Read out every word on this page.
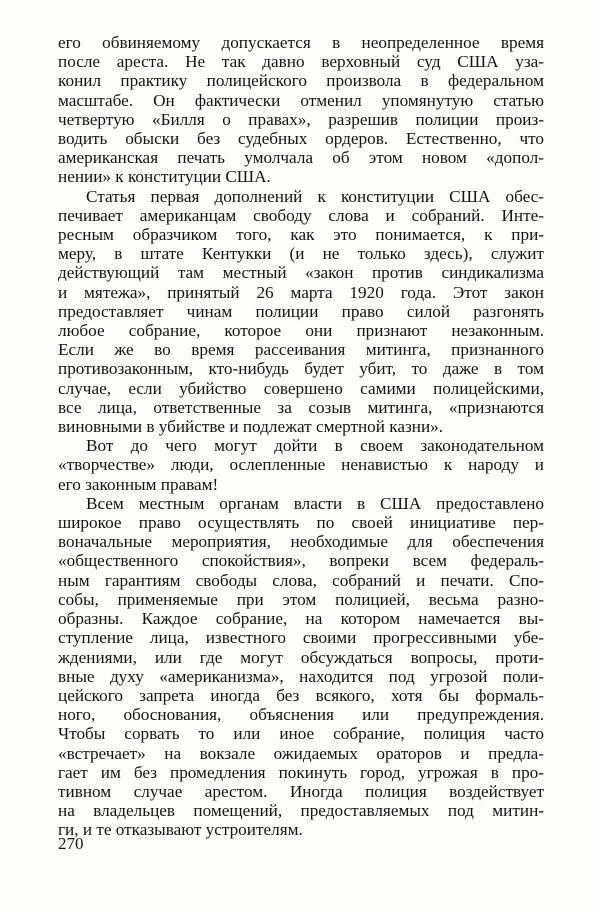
его обвиняемому допускается в неопределенное время
после ареста. Не так давно верховный суд США уза-
конил практику полицейского произвола в федеральном
масштабе. Он фактически отменил упомянутую статью
четвертую «Билля о правах», разрешив полиции произ-
водить обыски без судебных ордеров. Естественно, что
американская печать умолчала об этом новом «допол-
нении» к конституции США.
Статья первая дополнений к конституции США обес-
печивает американцам свободу слова и собраний. Инте-
ресным образчиком того, как это понимается, к при-
меру, в штате Кентукки (и не только здесь), служит
действующий там местный «закон против синдикализма
и мятежа», принятый 26 марта 1920 года. Этот закон
предоставляет чинам полиции право силой разгонять
любое собрание, которое они признают незаконным.
Если же во время рассеивания митинга, признанного
противозаконным, кто-нибудь будет убит, то даже в том
случае, если убийство совершено самими полицейскими,
все лица, ответственные за созыв митинга, «признаются
виновными в убийстве и подлежат смертной казни».
Вот до чего могут дойти в своем законодательном
«творчестве» люди, ослепленные ненавистью к народу и
его законным правам!
Всем местным органам власти в США предоставлено
широкое право осуществлять по своей инициативе пер-
воначальные мероприятия, необходимые для обеспечения
«общественного спокойствия», вопреки всем федераль-
ным гарантиям свободы слова, собраний и печати. Спо-
собы, применяемые при этом полицией, весьма разно-
образны. Каждое собрание, на котором намечается вы-
ступление лица, известного своими прогрессивными убе-
ждениями, или где могут обсуждаться вопросы, проти-
вные духу «американизма», находится под угрозой поли-
цейского запрета иногда без всякого, хотя бы формаль-
ного, обоснования, объяснения или предупреждения.
Чтобы сорвать то или иное собрание, полиция часто
«встречает» на вокзале ожидаемых ораторов и предла-
гает им без промедления покинуть город, угрожая в про-
тивном случае арестом. Иногда полиция воздействует
на владельцев помещений, предоставляемых под митин-
ги, и те отказывают устроителям.
270
